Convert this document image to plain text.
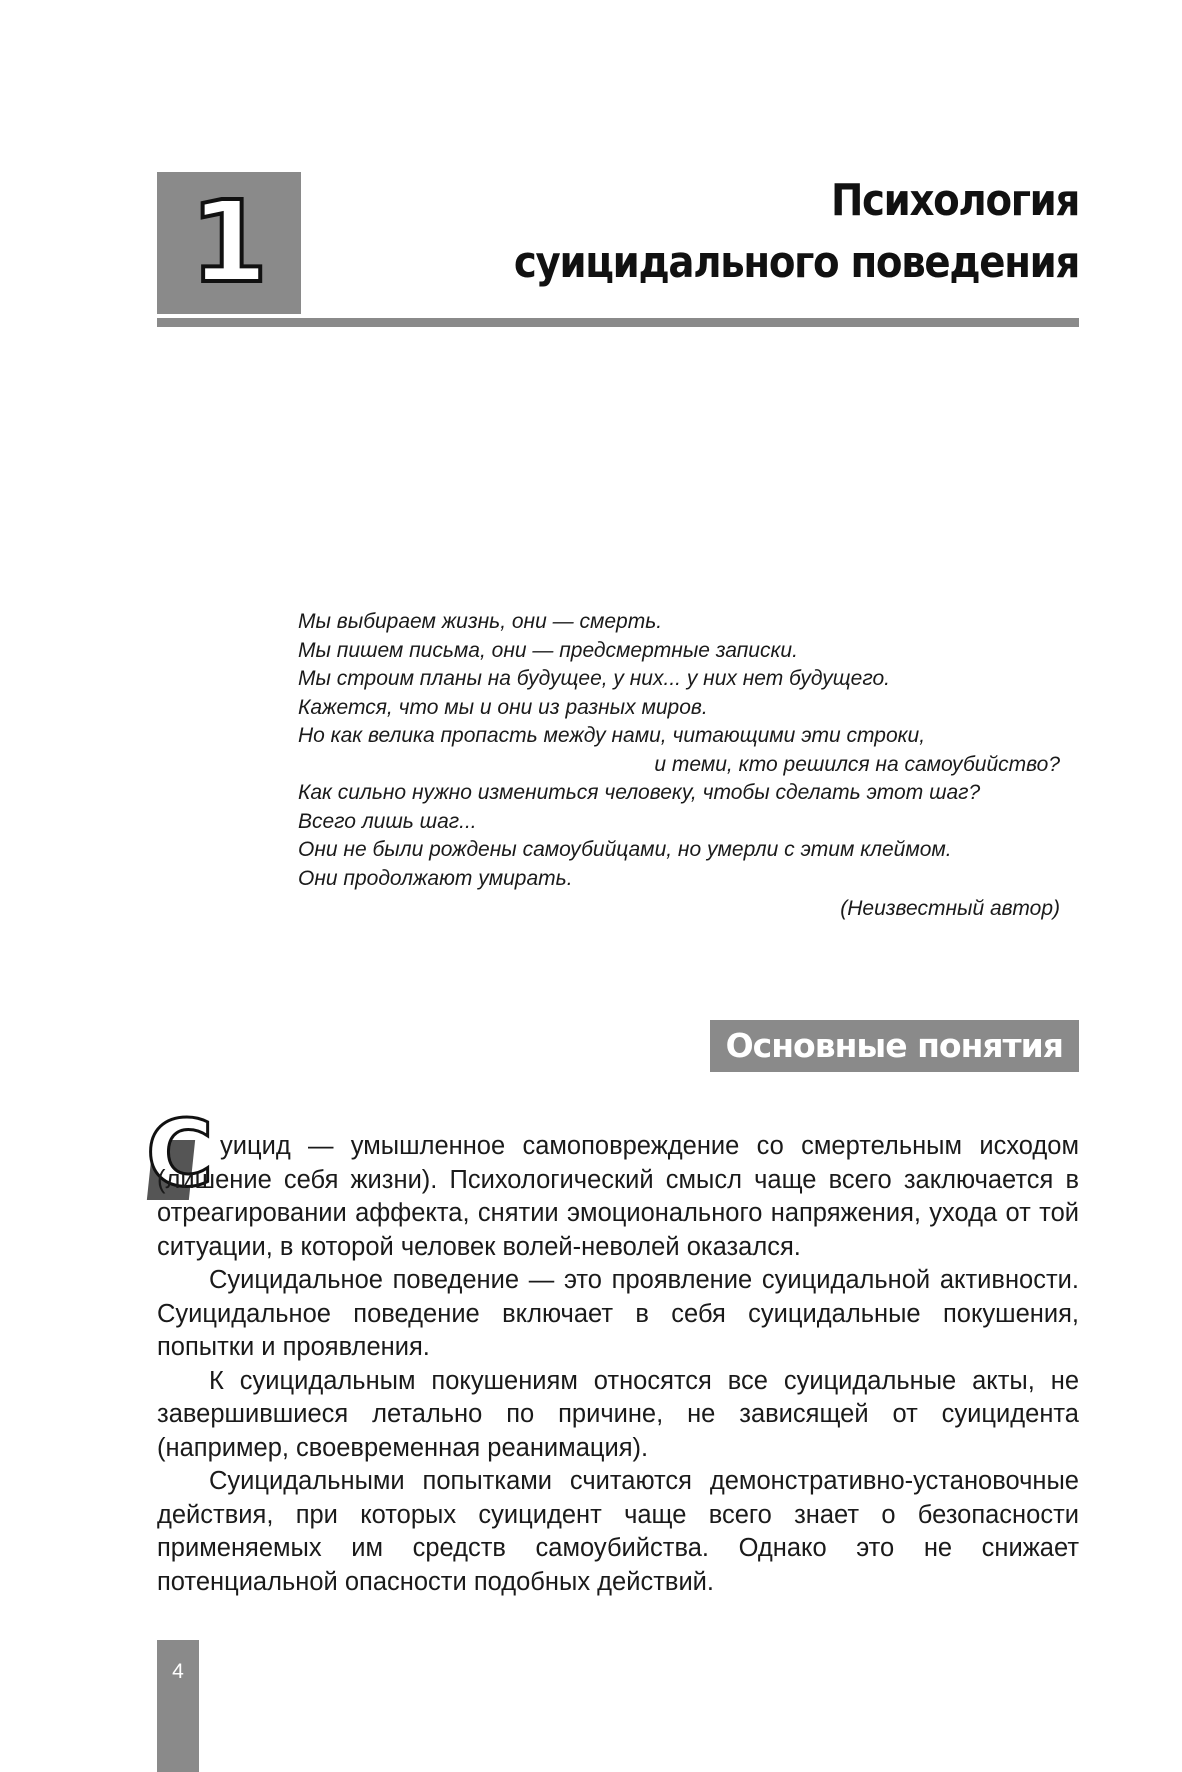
1	Психология
суицидального поведения
Мы выбираем жизнь, они — смерть.
Мы пишем письма, они — предсмертные записки.
Мы строим планы на будущее, у них... у них нет будущего.
Кажется, что мы и они из разных миров.
Но как велика пропасть между нами, читающими эти строки,
и теми, кто решился на самоубийство?
Как сильно нужно измениться человеку, чтобы сделать этот шаг?
Всего лишь шаг...
Они не были рождены самоубийцами, но умерли с этим клеймом.
Они продолжают умирать.
(Неизвестный автор)
Основные понятия
С уицид — умышленное самоповреждение со смертельным исходом (лишение себя жизни). Психологический смысл чаще всего заключается в отреагировании аффекта, снятии эмоционального напряжения, ухода от той ситуации, в которой человек волей-неволей оказался.

Суицидальное поведение — это проявление суицидальной активности. Суицидальное поведение включает в себя суицидальные покушения, попытки и проявления.

К суицидальным покушениям относятся все суицидальные акты, не завершившиеся летально по причине, не зависящей от суицидента (например, своевременная реанимация).

Суицидальными попытками считаются демонстративно-установочные действия, при которых суицидент чаще всего знает о безопасности применяемых им средств самоубийства. Однако это не снижает потенциальной опасности подобных действий.

4
